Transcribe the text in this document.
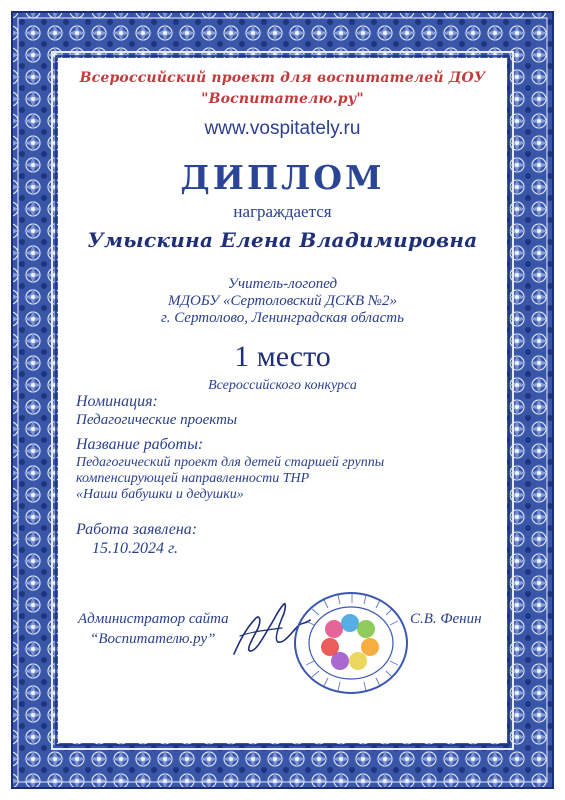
Всероссийский проект для воспитателей ДОУ
"Воспитателю.ру"
www.vospitately.ru
ДИПЛОМ
награждается
Умыскина Елена Владимировна
Учитель-логопед
МДОБУ «Сертоловский ДСКВ №2»
г. Сертолово, Ленинградская область
1 место
Всероссийского конкурса
Номинация:
Педагогические проекты
Название работы:
Педагогический проект для детей старшей группы
компенсирующей направленности ТНР
«Наши бабушки и дедушки»
Работа заявлена:
15.10.2024 г.
Администратор сайта
“Воспитателю.ру”
С.В. Фенин
